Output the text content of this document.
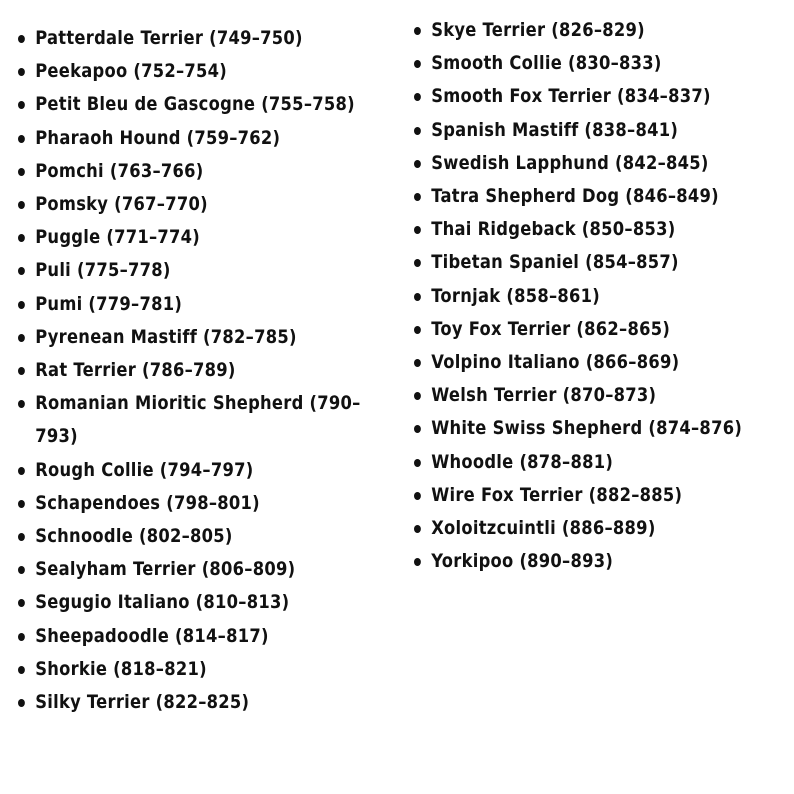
Patterdale Terrier (749–750)
Peekapoo (752–754)
Petit Bleu de Gascogne (755–758)
Pharaoh Hound (759–762)
Pomchi (763–766)
Pomsky (767–770)
Puggle (771–774)
Puli (775–778)
Pumi (779–781)
Pyrenean Mastiff (782–785)
Rat Terrier (786–789)
Romanian Mioritic Shepherd (790–793)
Rough Collie (794–797)
Schapendoes (798–801)
Schnoodle (802–805)
Sealyham Terrier (806–809)
Segugio Italiano (810–813)
Sheepadoodle (814–817)
Shorkie (818–821)
Silky Terrier (822–825)
Skye Terrier (826–829)
Smooth Collie (830–833)
Smooth Fox Terrier (834–837)
Spanish Mastiff (838–841)
Swedish Lapphund (842–845)
Tatra Shepherd Dog (846–849)
Thai Ridgeback (850–853)
Tibetan Spaniel (854–857)
Tornjak (858–861)
Toy Fox Terrier (862–865)
Volpino Italiano (866–869)
Welsh Terrier (870–873)
White Swiss Shepherd (874–876)
Whoodle (878–881)
Wire Fox Terrier (882–885)
Xoloitzcuintli (886–889)
Yorkipoo (890–893)
